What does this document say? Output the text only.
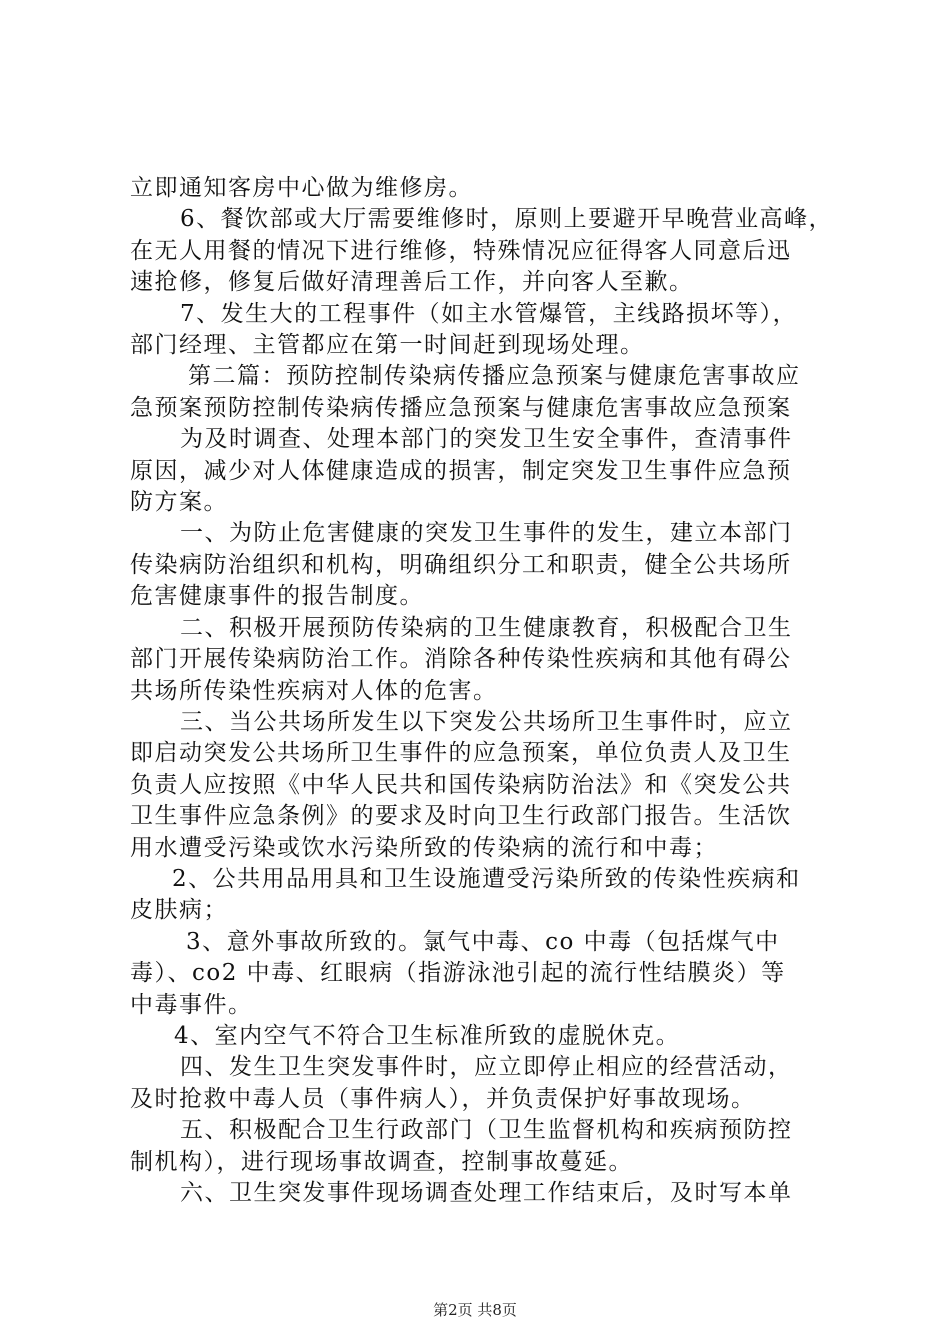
立即通知客房中心做为维修房。
6、餐饮部或大厅需要维修时，原则上要避开早晚营业高峰，
在无人用餐的情况下进行维修，特殊情况应征得客人同意后迅
速抢修，修复后做好清理善后工作，并向客人至歉。
7、发生大的工程事件（如主水管爆管，主线路损坏等），
部门经理、主管都应在第一时间赶到现场处理。
第二篇：预防控制传染病传播应急预案与健康危害事故应
急预案预防控制传染病传播应急预案与健康危害事故应急预案
为及时调查、处理本部门的突发卫生安全事件，查清事件
原因，减少对人体健康造成的损害，制定突发卫生事件应急预
防方案。
一、为防止危害健康的突发卫生事件的发生，建立本部门
传染病防治组织和机构，明确组织分工和职责，健全公共场所
危害健康事件的报告制度。
二、积极开展预防传染病的卫生健康教育，积极配合卫生
部门开展传染病防治工作。消除各种传染性疾病和其他有碍公
共场所传染性疾病对人体的危害。
三、当公共场所发生以下突发公共场所卫生事件时，应立
即启动突发公共场所卫生事件的应急预案，单位负责人及卫生
负责人应按照《中华人民共和国传染病防治法》和《突发公共
卫生事件应急条例》的要求及时向卫生行政部门报告。生活饮
用水遭受污染或饮水污染所致的传染病的流行和中毒；
2、公共用品用具和卫生设施遭受污染所致的传染性疾病和
皮肤病；
3、意外事故所致的。氯气中毒、co 中毒（包括煤气中
毒）、co2 中毒、红眼病（指游泳池引起的流行性结膜炎）等
中毒事件。
4、室内空气不符合卫生标准所致的虚脱休克。
四、发生卫生突发事件时，应立即停止相应的经营活动，
及时抢救中毒人员（事件病人），并负责保护好事故现场。
五、积极配合卫生行政部门（卫生监督机构和疾病预防控
制机构），进行现场事故调查，控制事故蔓延。
六、卫生突发事件现场调查处理工作结束后，及时写本单
第2页 共8页
